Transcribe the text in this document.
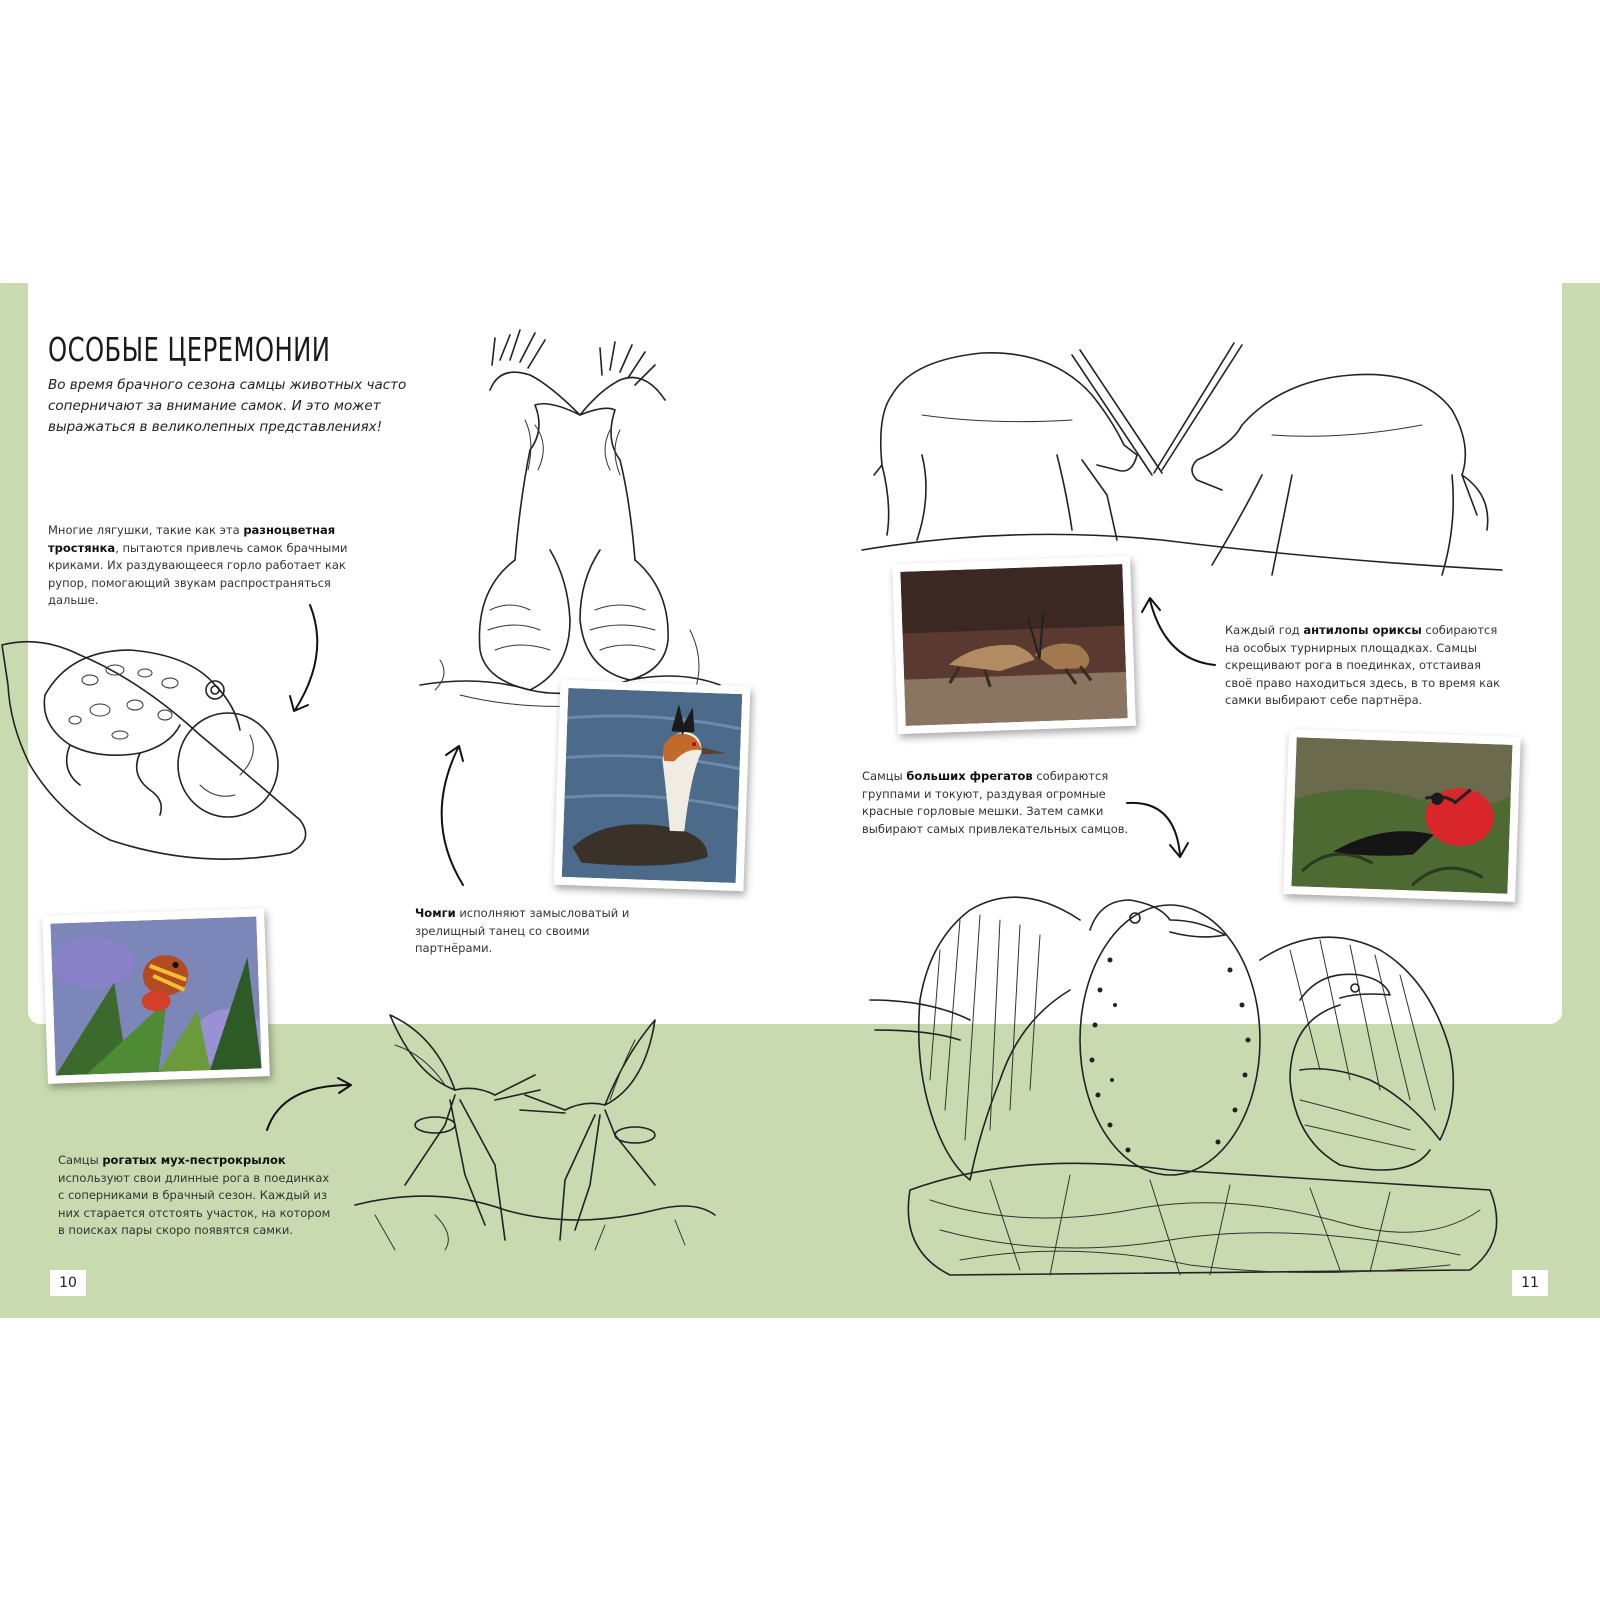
ОСОБЫЕ ЦЕРЕМОНИИ
Во время брачного сезона самцы животных часто соперничают за внимание самок. И это может выражаться в великолепных представлениях!
Многие лягушки, такие как эта разноцветная тростянка, пытаются привлечь самок брачными криками. Их раздувающееся горло работает как рупор, помогающий звукам распространяться дальше.
Чомги исполняют замысловатый и зрелищный танец со своими партнёрами.
Самцы рогатых мух-пестрокрылок используют свои длинные рога в поединках с соперниками в брачный сезон. Каждый из них старается отстоять участок, на котором в поисках пары скоро появятся самки.
10
Каждый год антилопы ориксы собираются на особых турнирных площадках. Самцы скрещивают рога в поединках, отстаивая своё право находиться здесь, в то время как самки выбирают себе партнёра.
Самцы больших фрегатов собираются группами и токуют, раздувая огромные красные горловые мешки. Затем самки выбирают самых привлекательных самцов.
11
